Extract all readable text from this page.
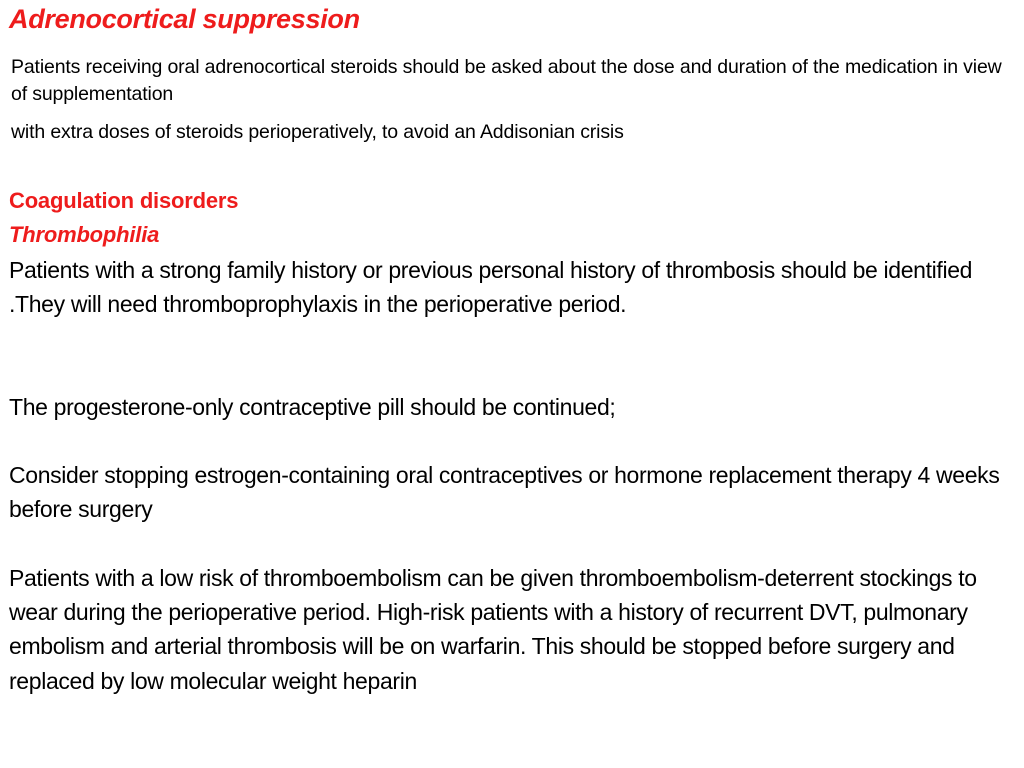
Adrenocortical suppression

Patients receiving oral adrenocortical steroids should be asked about the dose and duration of the medication in view of supplementation

with extra doses of steroids perioperatively, to avoid an Addisonian crisis

Coagulation disorders
Thrombophilia

Patients with a strong family history or previous personal history of thrombosis should be identified .They will need thromboprophylaxis in the perioperative period.

The progesterone-only contraceptive pill should be continued;

Consider stopping estrogen-containing oral contraceptives or hormone replacement therapy 4 weeks before surgery

Patients with a low risk of thromboembolism can be given thromboembolism-deterrent stockings to wear during the perioperative period. High-risk patients with a history of recurrent DVT, pulmonary embolism and arterial thrombosis will be on warfarin. This should be stopped before surgery and replaced by low molecular weight heparin
